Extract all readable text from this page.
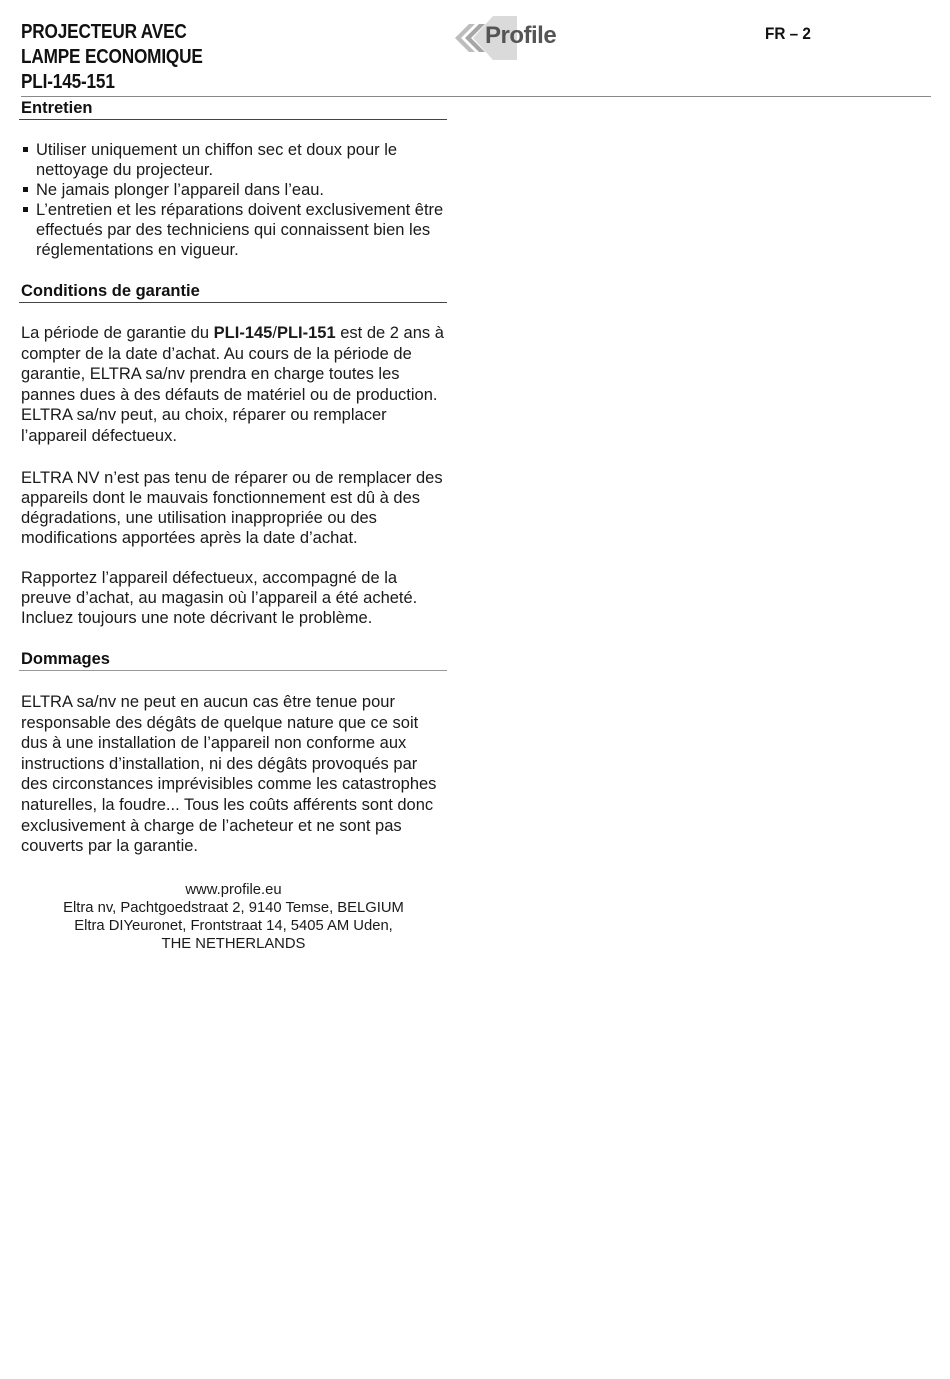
PROJECTEUR AVEC
LAMPE ECONOMIQUE
PLI-145-151
Profile	FR – 2
Entretien
Utiliser uniquement un chiffon sec et doux pour le nettoyage du projecteur.
Ne jamais plonger l’appareil dans l’eau.
L’entretien et les réparations doivent exclusivement être effectués par des techniciens qui connaissent bien les réglementations en vigueur.
Conditions de garantie

La période de garantie du PLI-145/PLI-151 est de 2 ans à compter de la date d’achat. Au cours de la période de garantie, ELTRA sa/nv prendra en charge toutes les pannes dues à des défauts de matériel ou de production. ELTRA sa/nv peut, au choix, réparer ou remplacer l’appareil défectueux.

ELTRA NV n’est pas tenu de réparer ou de remplacer des appareils dont le mauvais fonctionnement est dû à des dégradations, une utilisation inappropriée ou des modifications apportées après la date d’achat.

Rapportez l’appareil défectueux, accompagné de la preuve d’achat, au magasin où l’appareil a été acheté. Incluez toujours une note décrivant le problème.

Dommages

ELTRA sa/nv ne peut en aucun cas être tenue pour responsable des dégâts de quelque nature que ce soit dus à une installation de l’appareil non conforme aux instructions d’installation, ni des dégâts provoqués par des circonstances imprévisibles comme les catastrophes naturelles, la foudre... Tous les coûts afférents sont donc exclusivement à charge de l’acheteur et ne sont pas couverts par la garantie.

www.profile.eu
Eltra nv, Pachtgoedstraat 2, 9140 Temse, BELGIUM
Eltra DIYeuronet, Frontstraat 14, 5405 AM Uden,
THE NETHERLANDS
